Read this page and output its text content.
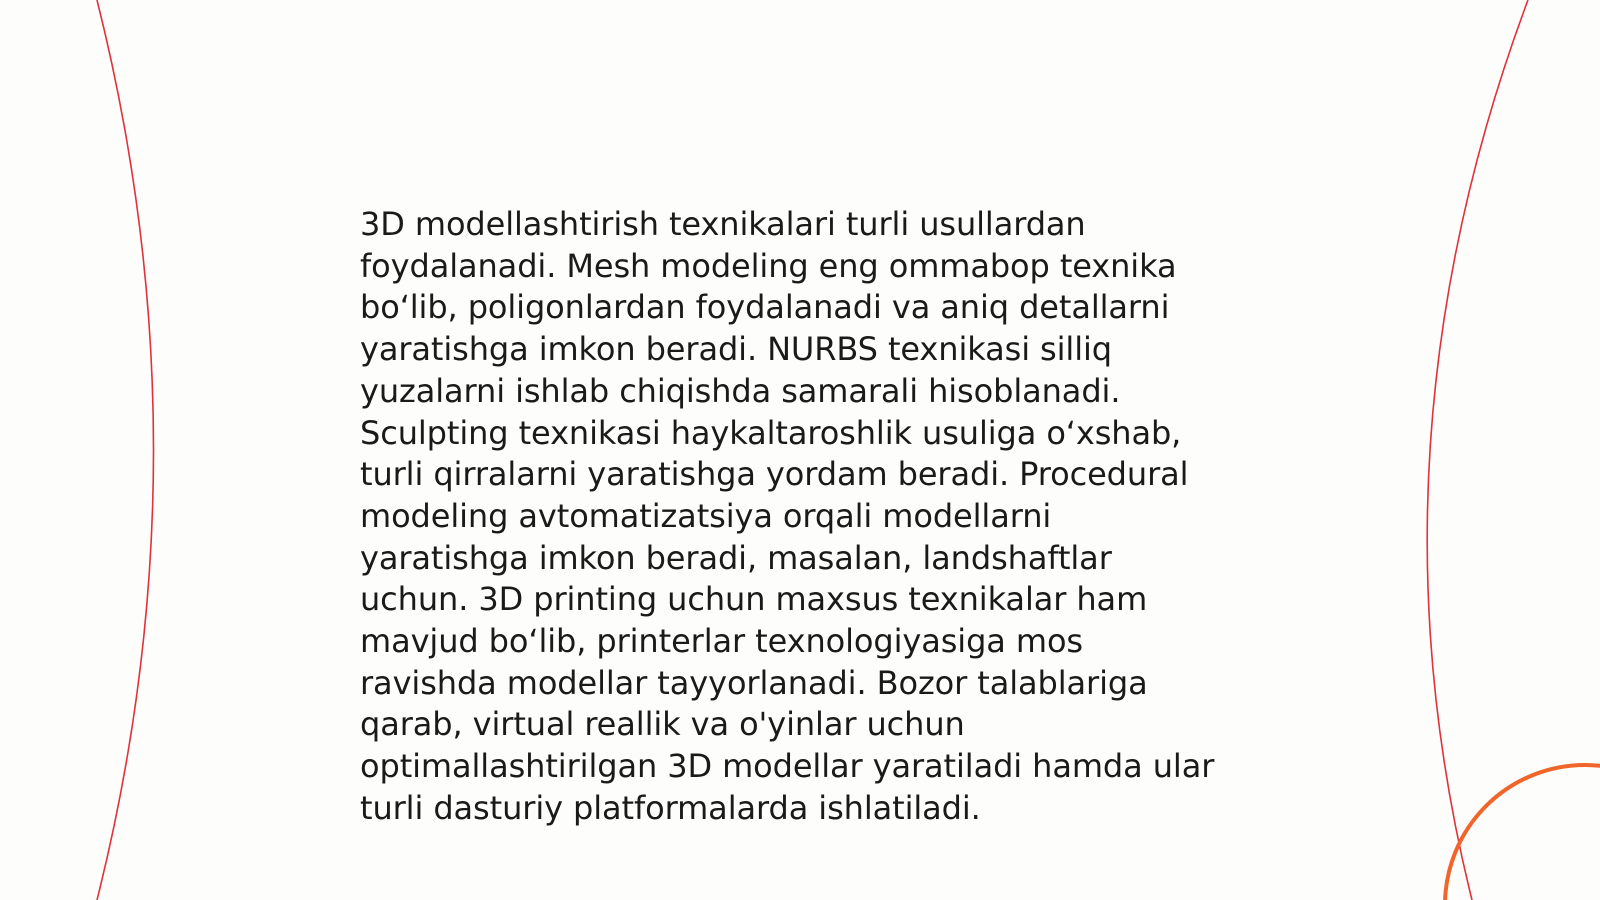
3D modellashtirish texnikalari turli usullardan
foydalanadi. Mesh modeling eng ommabop texnika
bo‘lib, poligonlardan foydalanadi va aniq detallarni
yaratishga imkon beradi. NURBS texnikasi silliq
yuzalarni ishlab chiqishda samarali hisoblanadi.
Sculpting texnikasi haykaltaroshlik usuliga o‘xshab,
turli qirralarni yaratishga yordam beradi. Procedural
modeling avtomatizatsiya orqali modellarni
yaratishga imkon beradi, masalan, landshaftlar
uchun. 3D printing uchun maxsus texnikalar ham
mavjud bo‘lib, printerlar texnologiyasiga mos
ravishda modellar tayyorlanadi. Bozor talablariga
qarab, virtual reallik va o'yinlar uchun
optimallashtirilgan 3D modellar yaratiladi hamda ular
turli dasturiy platformalarda ishlatiladi.
